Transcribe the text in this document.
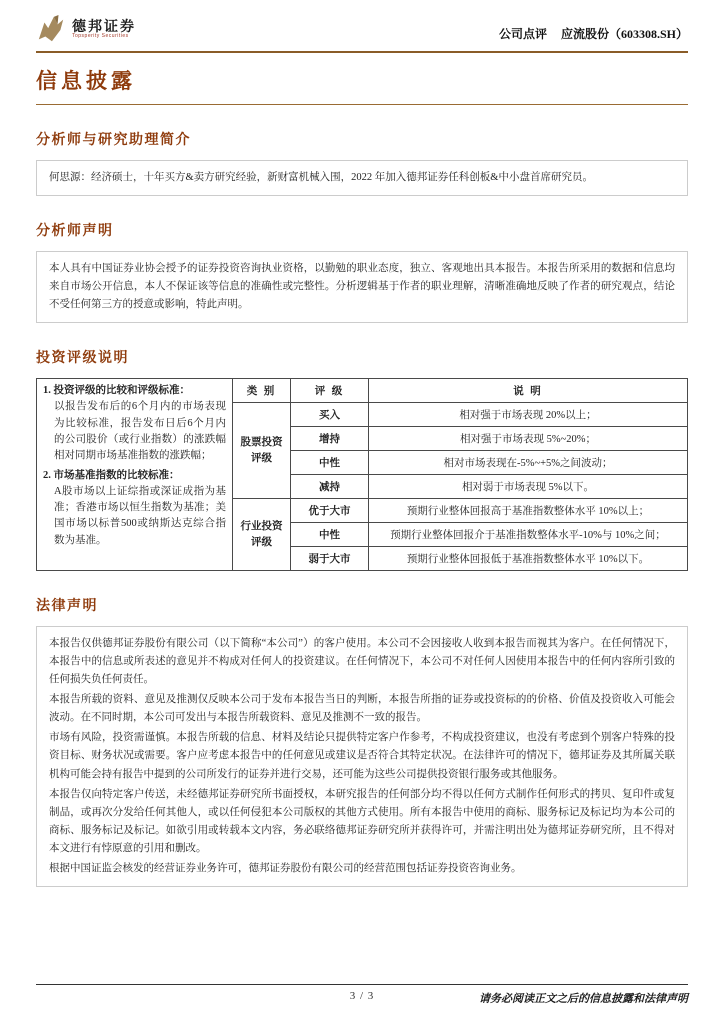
德邦证券
Topsperity Securities	公司点评 应流股份（603308.SH）
信息披露
分析师与研究助理简介

何思源：经济硕士，十年买方&卖方研究经验，新财富机械入围，2022 年加入德邦证券任科创板&中小盘首席研究员。

分析师声明

本人具有中国证券业协会授予的证券投资咨询执业资格，以勤勉的职业态度，独立、客观地出具本报告。本报告所采用的数据和信息均来自市场公开信息，本人不保证该等信息的准确性或完整性。分析逻辑基于作者的职业理解，清晰准确地反映了作者的研究观点，结论不受任何第三方的授意或影响，特此声明。

投资评级说明
1. 投资评级的比较和评级标准：
以报告发布后的6个月内的市场表现为比较标准，报告发布日后6个月内的公司股价（或行业指数）的涨跌幅相对同期市场基准指数的涨跌幅；
2. 市场基准指数的比较标准：
A股市场以上证综指或深证成指为基准；香港市场以恒生指数为基准；美国市场以标普500或纳斯达克综合指数为基准。	类 别	评 级	说 明
	股票投资评级	买入	相对强于市场表现 20%以上；
		增持	相对强于市场表现 5%~20%；
		中性	相对市场表现在-5%~+5%之间波动；
		减持	相对弱于市场表现 5%以下。
	行业投资评级	优于大市	预期行业整体回报高于基准指数整体水平 10%以上；
		中性	预期行业整体回报介于基准指数整体水平-10%与 10%之间；
		弱于大市	预期行业整体回报低于基准指数整体水平 10%以下。
法律声明

本报告仅供德邦证券股份有限公司（以下简称“本公司”）的客户使用。本公司不会因接收人收到本报告而视其为客户。在任何情况下，本报告中的信息或所表述的意见并不构成对任何人的投资建议。在任何情况下，本公司不对任何人因使用本报告中的任何内容所引致的任何损失负任何责任。

本报告所载的资料、意见及推测仅反映本公司于发布本报告当日的判断，本报告所指的证券或投资标的的价格、价值及投资收入可能会波动。在不同时期，本公司可发出与本报告所载资料、意见及推测不一致的报告。

市场有风险，投资需谨慎。本报告所载的信息、材料及结论只提供特定客户作参考，不构成投资建议，也没有考虑到个别客户特殊的投资目标、财务状况或需要。客户应考虑本报告中的任何意见或建议是否符合其特定状况。在法律许可的情况下，德邦证券及其所属关联机构可能会持有报告中提到的公司所发行的证券并进行交易，还可能为这些公司提供投资银行服务或其他服务。

本报告仅向特定客户传送，未经德邦证券研究所书面授权，本研究报告的任何部分均不得以任何方式制作任何形式的拷贝、复印件或复制品，或再次分发给任何其他人，或以任何侵犯本公司版权的其他方式使用。所有本报告中使用的商标、服务标记及标记均为本公司的商标、服务标记及标记。如欲引用或转载本文内容，务必联络德邦证券研究所并获得许可，并需注明出处为德邦证券研究所，且不得对本文进行有悖原意的引用和删改。

根据中国证监会核发的经营证券业务许可，德邦证券股份有限公司的经营范围包括证券投资咨询业务。

3 / 3	请务必阅读正文之后的信息披露和法律声明
